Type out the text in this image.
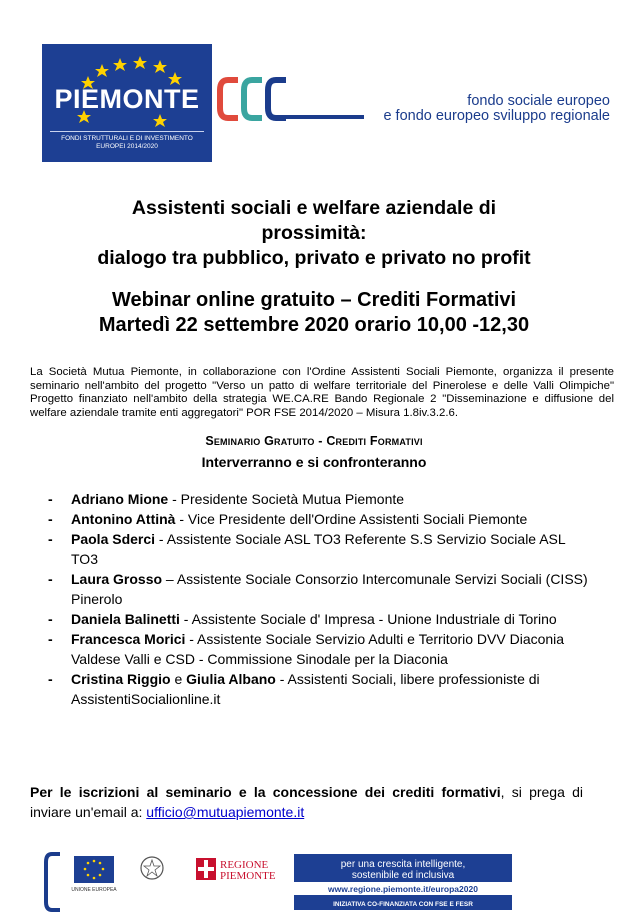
PIEMONTE
FONDI STRUTTURALI E DI INVESTIMENTO
EUROPEI 2014/2020
fondo sociale europeo
e fondo europeo sviluppo regionale
Assistenti sociali e welfare aziendale di
prossimità:
dialogo tra pubblico, privato e privato no profit
Webinar online gratuito – Crediti Formativi
Martedì 22 settembre 2020 orario 10,00 -12,30

La Società Mutua Piemonte, in collaborazione con l'Ordine Assistenti Sociali Piemonte, organizza il presente seminario nell'ambito del progetto "Verso un patto di welfare territoriale del Pinerolese e delle Valli Olimpiche" Progetto finanziato nell'ambito della strategia WE.CA.RE Bando Regionale 2 "Disseminazione e diffusione del welfare aziendale tramite enti aggregatori" POR FSE 2014/2020 – Misura 1.8iv.3.2.6.

Seminario Gratuito - Crediti Formativi
Interverranno e si confronteranno
- Adriano Mione - Presidente Società Mutua Piemonte
- Antonino Attinà - Vice Presidente dell'Ordine Assistenti Sociali Piemonte
- Paola Sderci - Assistente Sociale ASL TO3 Referente S.S Servizio Sociale ASL TO3
- Laura Grosso – Assistente Sociale Consorzio Intercomunale Servizi Sociali (CISS) Pinerolo
- Daniela Balinetti - Assistente Sociale d' Impresa - Unione Industriale di Torino
- Francesca Morici - Assistente Sociale Servizio Adulti e Territorio DVV Diaconia Valdese Valli e CSD - Commissione Sinodale per la Diaconia
- Cristina Riggio e Giulia Albano - Assistenti Sociali, libere professioniste di AssistentiSocialionline.it

Per le iscrizioni al seminario e la concessione dei crediti formativi, si prega di inviare un'email a: ufficio@mutuapiemonte.it

UNIONE EUROPEA
REGIONE
PIEMONTE
per una crescita intelligente,
sostenibile ed inclusiva
www.regione.piemonte.it/europa2020
INIZIATIVA CO-FINANZIATA CON FSE E FESR
